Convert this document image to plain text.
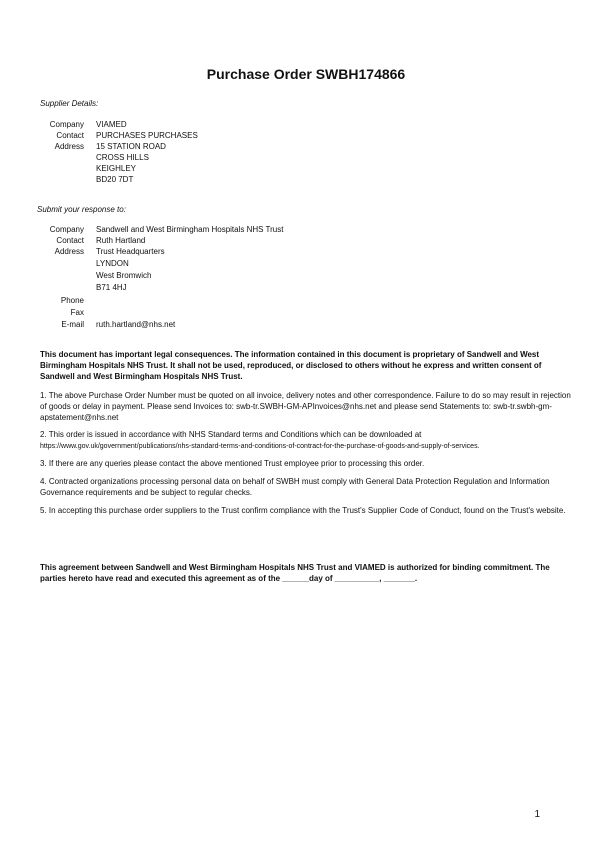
Purchase Order SWBH174866
Supplier Details:
Company VIAMED
Contact PURCHASES PURCHASES
Address 15 STATION ROAD
CROSS HILLS
KEIGHLEY
BD20 7DT
Submit your response to:
Company Sandwell and West Birmingham Hospitals NHS Trust
Contact Ruth Hartland
Address Trust Headquarters
LYNDON
West Bromwich
B71 4HJ
Phone
Fax
E-mail ruth.hartland@nhs.net
This document has important legal consequences. The information contained in this document is proprietary of Sandwell and West Birmingham Hospitals NHS Trust. It shall not be used, reproduced, or disclosed to others without he express and written consent of Sandwell and West Birmingham Hospitals NHS Trust.
1. The above Purchase Order Number must be quoted on all invoice, delivery notes and other correspondence. Failure to do so may result in rejection of goods or delay in payment. Please send Invoices to: swb-tr.SWBH-GM-APInvoices@nhs.net and please send Statements to: swb-tr.swbh-gm-apstatement@nhs.net
2. This order is issued in accordance with NHS Standard terms and Conditions which can be downloaded at https://www.gov.uk/government/publications/nhs-standard-terms-and-conditions-of-contract-for-the-purchase-of-goods-and-supply-of-services.
3. If there are any queries please contact the above mentioned Trust employee prior to processing this order.
4. Contracted organizations processing personal data on behalf of SWBH must comply with General Data Protection Regulation and Information Governance requirements and be subject to regular checks.
5. In accepting this purchase order suppliers to the Trust confirm compliance with the Trust's Supplier Code of Conduct, found on the Trust's website.
This agreement between Sandwell and West Birmingham Hospitals NHS Trust and VIAMED is authorized for binding commitment. The parties hereto have read and executed this agreement as of the ______day of __________, _______.
1
